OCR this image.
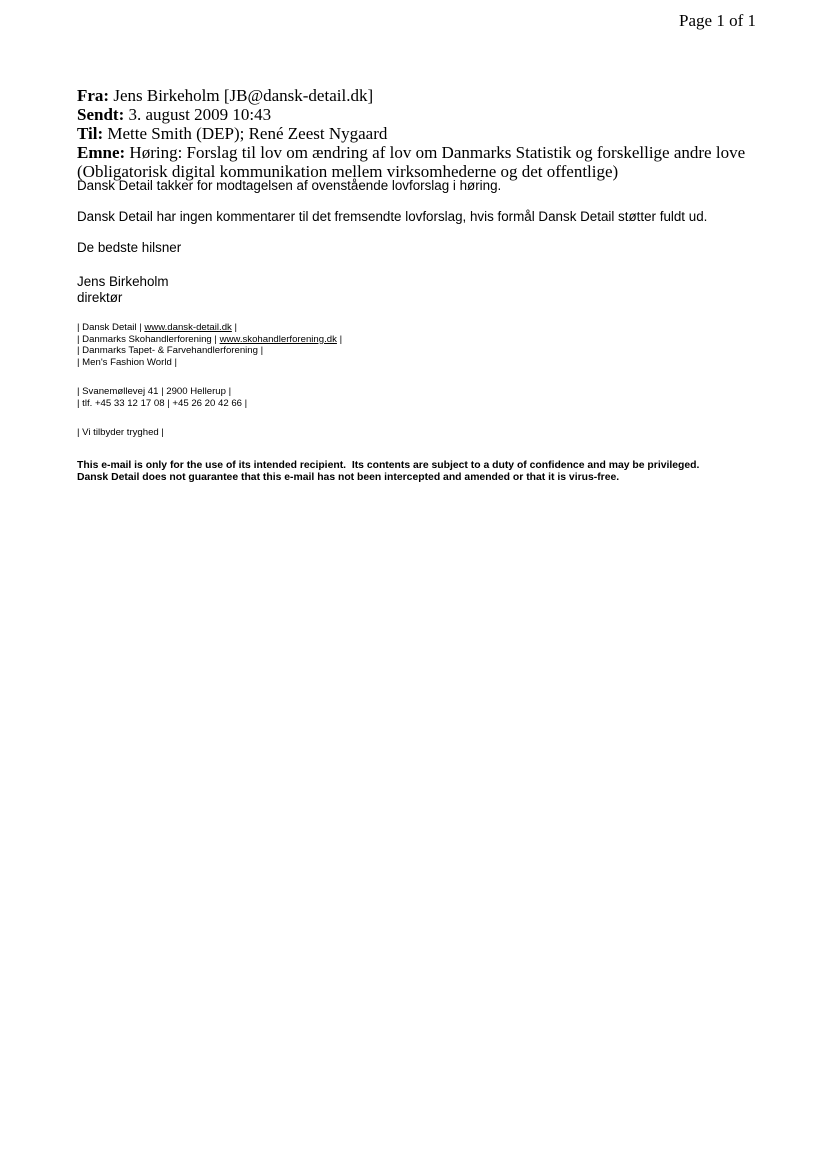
Page 1 of 1
Fra: Jens Birkeholm [JB@dansk-detail.dk]
Sendt: 3. august 2009 10:43
Til: Mette Smith (DEP); René Zeest Nygaard
Emne: Høring: Forslag til lov om ændring af lov om Danmarks Statistik og forskellige andre love (Obligatorisk digital kommunikation mellem virksomhederne og det offentlige)

Dansk Detail takker for modtagelsen af ovenstående lovforslag i høring.

Dansk Detail har ingen kommentarer til det fremsendte lovforslag, hvis formål Dansk Detail støtter fuldt ud.

De bedste hilsner

Jens Birkeholm

direktør

| Dansk Detail | www.dansk-detail.dk |
| Danmarks Skohandlerforening | www.skohandlerforening.dk |
| Danmarks Tapet- & Farvehandlerforening |
| Men's Fashion World |
| Svanemøllevej 41 | 2900 Hellerup |
| tlf. +45 33 12 17 08 | +45 26 20 42 66 |
| Vi tilbyder tryghed |
This e-mail is only for the use of its intended recipient.  Its contents are subject to a duty of confidence and may be privileged.
Dansk Detail does not guarantee that this e-mail has not been intercepted and amended or that it is virus-free.
